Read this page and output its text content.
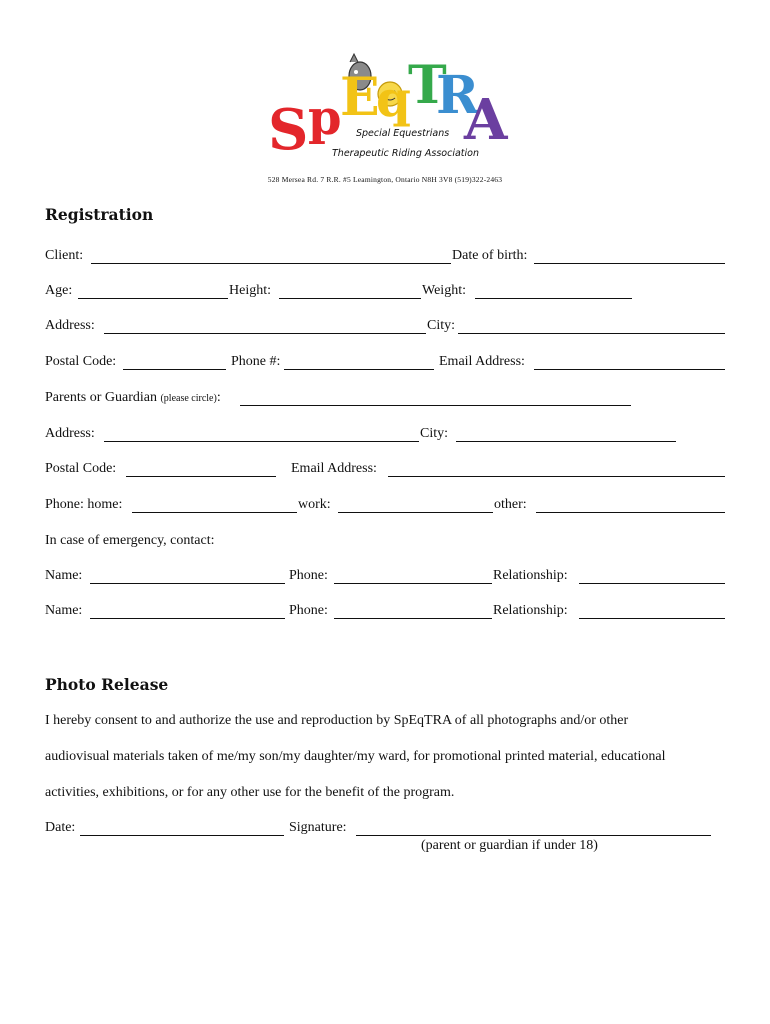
S p
E
q
T
R
A
Special Equestrians
Therapeutic Riding Association
528 Mersea Rd. 7 R.R. #5 Leamington, Ontario N8H 3V8 (519)322-2463
Registration
Client:	Date of birth:
Age:	Height:	Weight:
Address:	City:
Postal Code:	Phone #:	Email Address:
Parents or Guardian (please circle):
Address:	City:
Postal Code:	Email Address:
Phone: home:	work:	other:
In case of emergency, contact:
Name:	Phone:	Relationship:
Name:	Phone:	Relationship:
Photo Release
I hereby consent to and authorize the use and reproduction by SpEqTRA of all photographs and/or other
audiovisual materials taken of me/my son/my daughter/my ward, for promotional printed material, educational
activities, exhibitions, or for any other use for the benefit of the program.
Date:	Signature:
(parent or guardian if under 18)
